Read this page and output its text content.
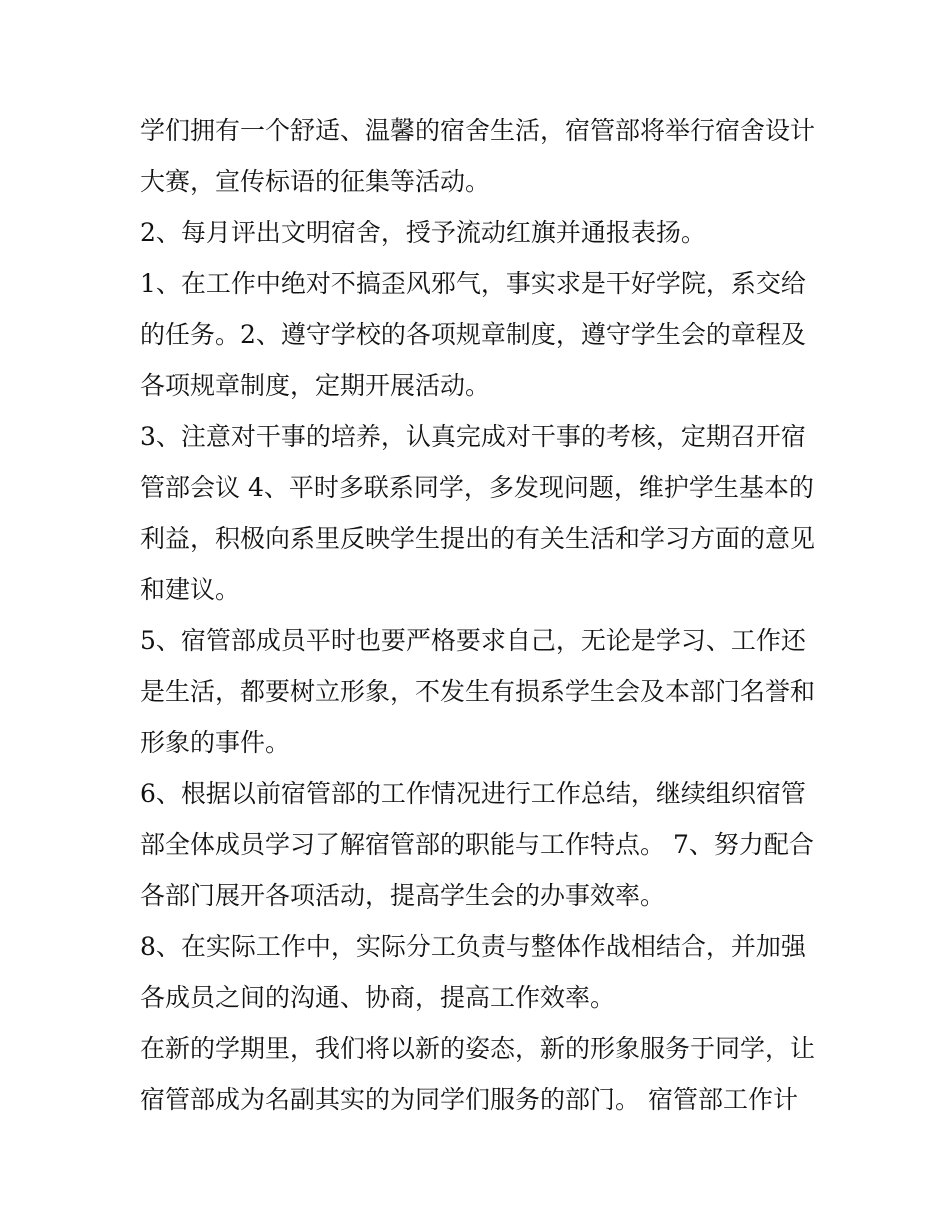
学们拥有一个舒适、温馨的宿舍生活，宿管部将举行宿舍设计
大赛，宣传标语的征集等活动。
2、每月评出文明宿舍，授予流动红旗并通报表扬。
1、在工作中绝对不搞歪风邪气，事实求是干好学院，系交给
的任务。2、遵守学校的各项规章制度，遵守学生会的章程及
各项规章制度，定期开展活动。
3、注意对干事的培养，认真完成对干事的考核，定期召开宿
管部会议 4、平时多联系同学，多发现问题，维护学生基本的
利益，积极向系里反映学生提出的有关生活和学习方面的意见
和建议。
5、宿管部成员平时也要严格要求自己，无论是学习、工作还
是生活，都要树立形象，不发生有损系学生会及本部门名誉和
形象的事件。
6、根据以前宿管部的工作情况进行工作总结，继续组织宿管
部全体成员学习了解宿管部的职能与工作特点。 7、努力配合
各部门展开各项活动，提高学生会的办事效率。
8、在实际工作中，实际分工负责与整体作战相结合，并加强
各成员之间的沟通、协商，提高工作效率。
在新的学期里，我们将以新的姿态，新的形象服务于同学，让
宿管部成为名副其实的为同学们服务的部门。 宿管部工作计
